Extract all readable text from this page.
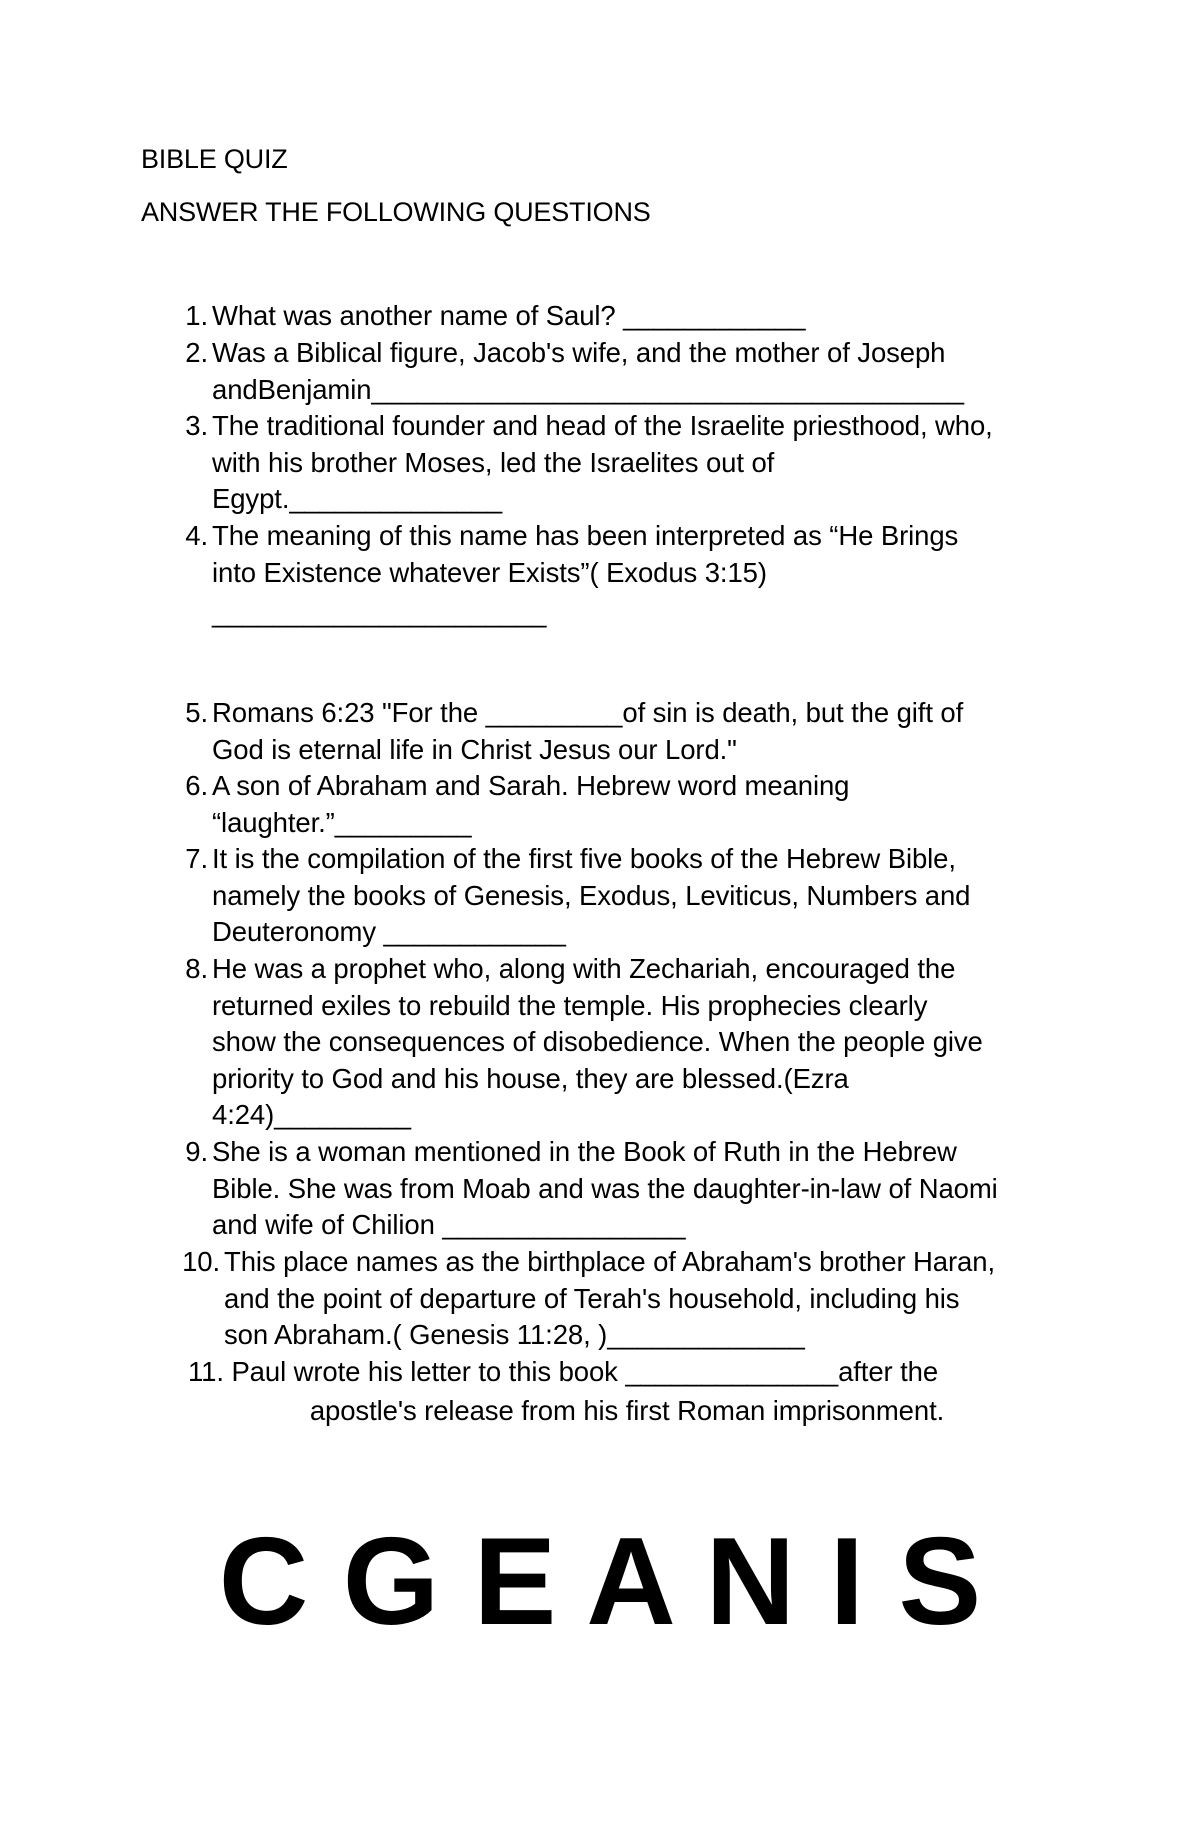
BIBLE QUIZ
ANSWER THE FOLLOWING QUESTIONS
1. What was another name of Saul? ____________
2. Was a Biblical figure, Jacob's wife, and the mother of Joseph
andBenjamin_______________________________________
3. The traditional founder and head of the Israelite priesthood, who,
with his brother Moses, led the Israelites out of
Egypt.______________
4. The meaning of this name has been interpreted as “He Brings
into Existence whatever Exists”( Exodus 3:15)
______________________
5. Romans 6:23 "For the _________of sin is death, but the gift of
God is eternal life in Christ Jesus our Lord."
6. A son of Abraham and Sarah. Hebrew word meaning
“laughter.”_________
7. It is the compilation of the first five books of the Hebrew Bible,
namely the books of Genesis, Exodus, Leviticus, Numbers and
Deuteronomy ____________
8. He was a prophet who, along with Zechariah, encouraged the
returned exiles to rebuild the temple. His prophecies clearly
show the consequences of disobedience. When the people give
priority to God and his house, they are blessed.(Ezra
4:24)_________
9. She is a woman mentioned in the Book of Ruth in the Hebrew
Bible. She was from Moab and was the daughter-in-law of Naomi
and wife of Chilion ________________
10. This place names as the birthplace of Abraham's brother Haran,
and the point of departure of Terah's household, including his
son Abraham.( Genesis 11:28, )_____________
11. Paul wrote his letter to this book ______________after the
apostle's release from his first Roman imprisonment.
C G E A N I S
